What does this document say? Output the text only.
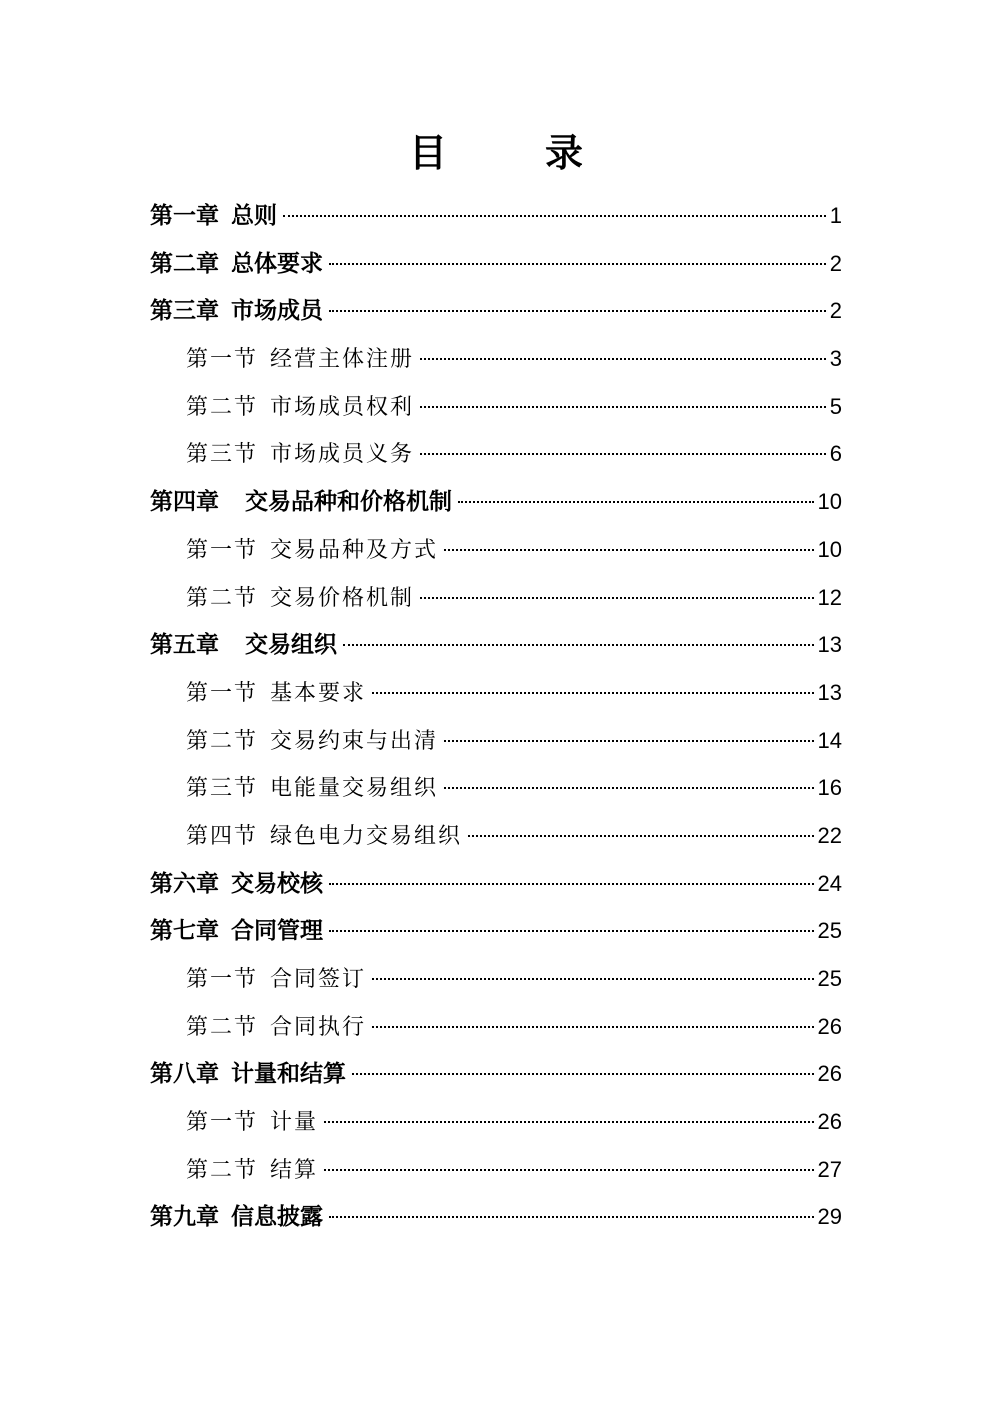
目　录
第一章 总则	1
第二章 总体要求	2
第三章 市场成员	2
第一节 经营主体注册	3
第二节 市场成员权利	5
第三节 市场成员义务	6
第四章 交易品种和价格机制	10
第一节 交易品种及方式	10
第二节 交易价格机制	12
第五章 交易组织	13
第一节 基本要求	13
第二节 交易约束与出清	14
第三节 电能量交易组织	16
第四节 绿色电力交易组织	22
第六章 交易校核	24
第七章 合同管理	25
第一节 合同签订	25
第二节 合同执行	26
第八章 计量和结算	26
第一节 计量	26
第二节 结算	27
第九章 信息披露	29
